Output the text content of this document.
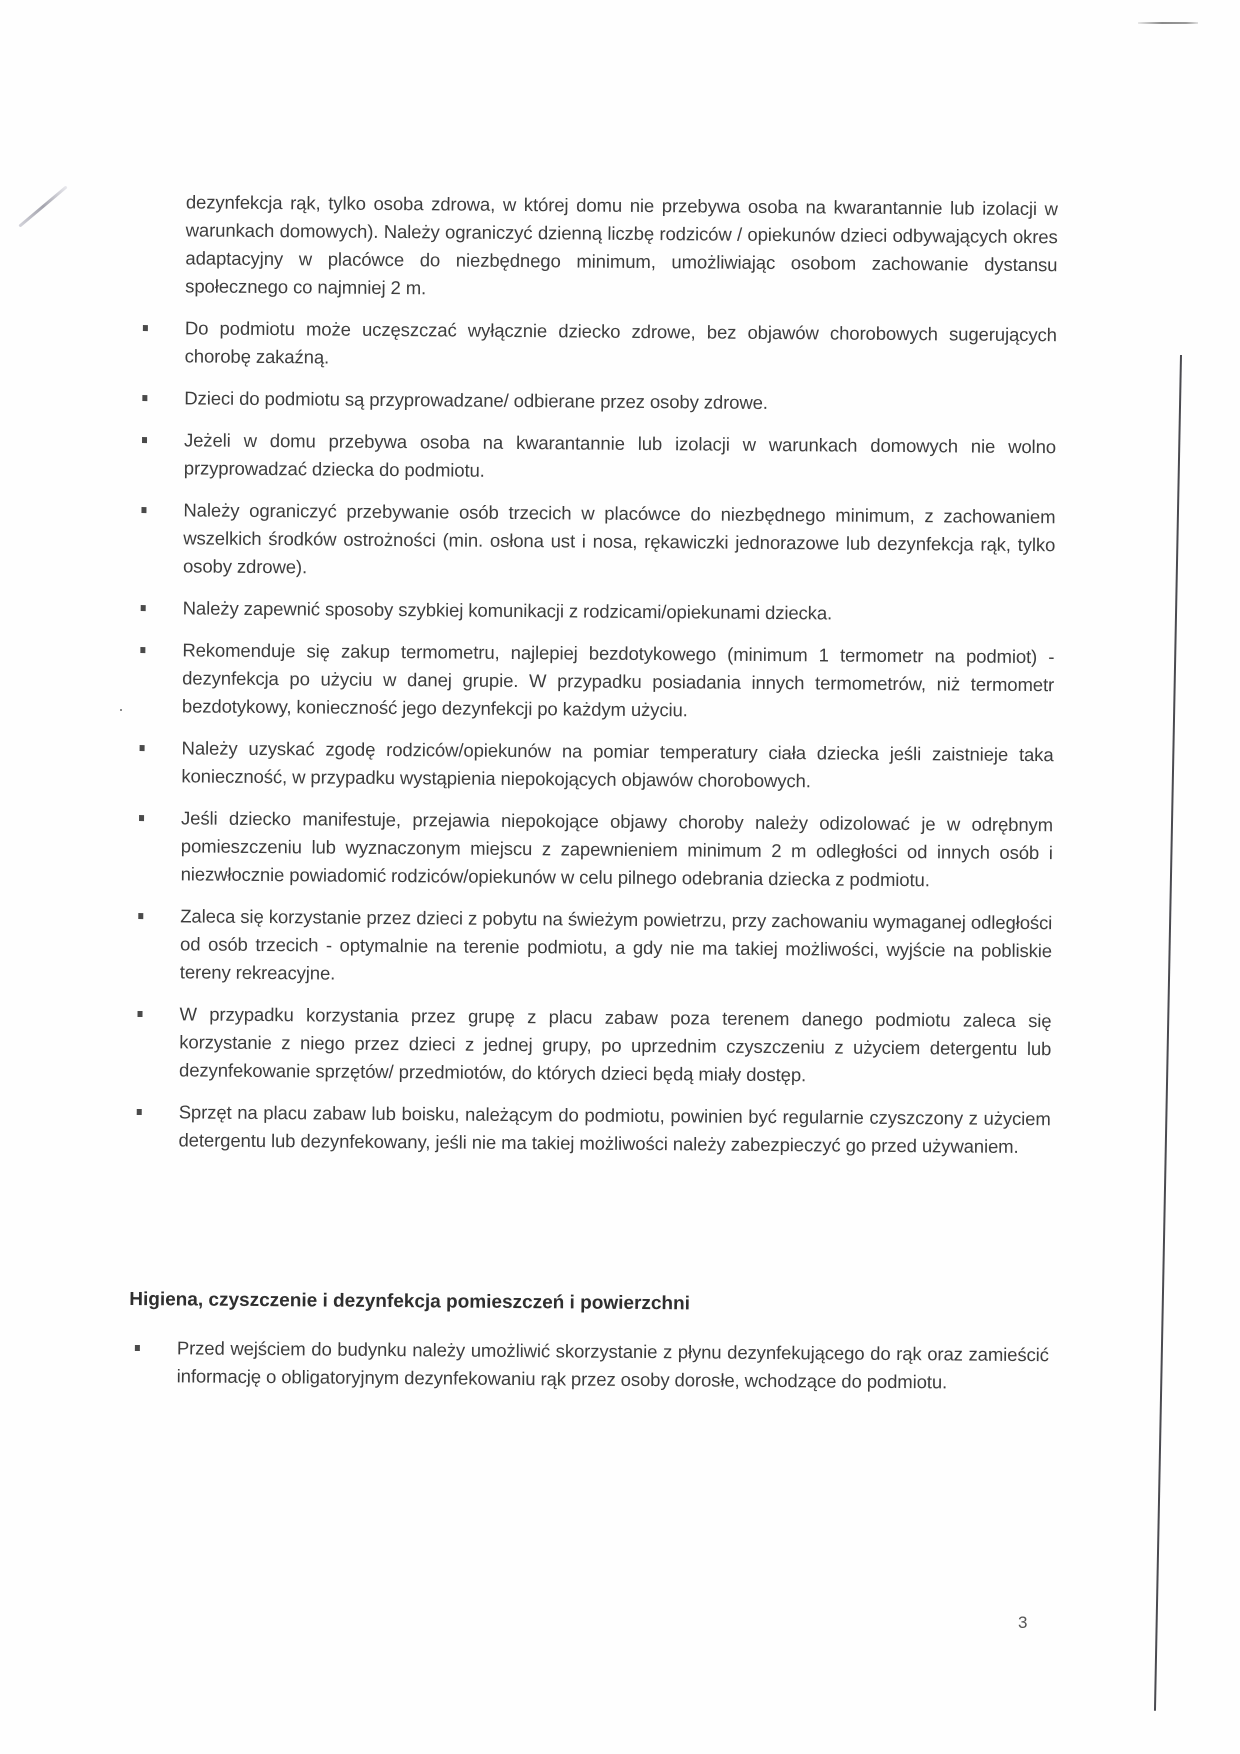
dezynfekcja rąk, tylko osoba zdrowa, w której domu nie przebywa osoba na kwarantannie lub izolacji w warunkach domowych). Należy ograniczyć dzienną liczbę rodziców / opiekunów dzieci odbywających okres adaptacyjny w placówce do niezbędnego minimum, umożliwiając osobom zachowanie dystansu społecznego co najmniej 2 m.

Do podmiotu może uczęszczać wyłącznie dziecko zdrowe, bez objawów chorobowych sugerujących chorobę zakaźną.
Dzieci do podmiotu są przyprowadzane/ odbierane przez osoby zdrowe.
Jeżeli w domu przebywa osoba na kwarantannie lub izolacji w warunkach domowych nie wolno przyprowadzać dziecka do podmiotu.
Należy ograniczyć przebywanie osób trzecich w placówce do niezbędnego minimum, z zachowaniem wszelkich środków ostrożności (min. osłona ust i nosa, rękawiczki jednorazowe lub dezynfekcja rąk, tylko osoby zdrowe).
Należy zapewnić sposoby szybkiej komunikacji z rodzicami/opiekunami dziecka.
Rekomenduje się zakup termometru, najlepiej bezdotykowego (minimum 1 termometr na podmiot) - dezynfekcja po użyciu w danej grupie. W przypadku posiadania innych termometrów, niż termometr bezdotykowy, konieczność jego dezynfekcji po każdym użyciu.
Należy uzyskać zgodę rodziców/opiekunów na pomiar temperatury ciała dziecka jeśli zaistnieje taka konieczność, w przypadku wystąpienia niepokojących objawów chorobowych.
Jeśli dziecko manifestuje, przejawia niepokojące objawy choroby należy odizolować je w odrębnym pomieszczeniu lub wyznaczonym miejscu z zapewnieniem minimum 2 m odległości od innych osób i niezwłocznie powiadomić rodziców/opiekunów w celu pilnego odebrania dziecka z podmiotu.
Zaleca się korzystanie przez dzieci z pobytu na świeżym powietrzu, przy zachowaniu wymaganej odległości od osób trzecich - optymalnie na terenie podmiotu, a gdy nie ma takiej możliwości, wyjście na pobliskie tereny rekreacyjne.
W przypadku korzystania przez grupę z placu zabaw poza terenem danego podmiotu zaleca się korzystanie z niego przez dzieci z jednej grupy, po uprzednim czyszczeniu z użyciem detergentu lub dezynfekowanie sprzętów/ przedmiotów, do których dzieci będą miały dostęp.
Sprzęt na placu zabaw lub boisku, należącym do podmiotu, powinien być regularnie czyszczony z użyciem detergentu lub dezynfekowany, jeśli nie ma takiej możliwości należy zabezpieczyć go przed używaniem.
Higiena, czyszczenie i dezynfekcja pomieszczeń i powierzchni
Przed wejściem do budynku należy umożliwić skorzystanie z płynu dezynfekującego do rąk oraz zamieścić informację o obligatoryjnym dezynfekowaniu rąk przez osoby dorosłe, wchodzące do podmiotu.
3
